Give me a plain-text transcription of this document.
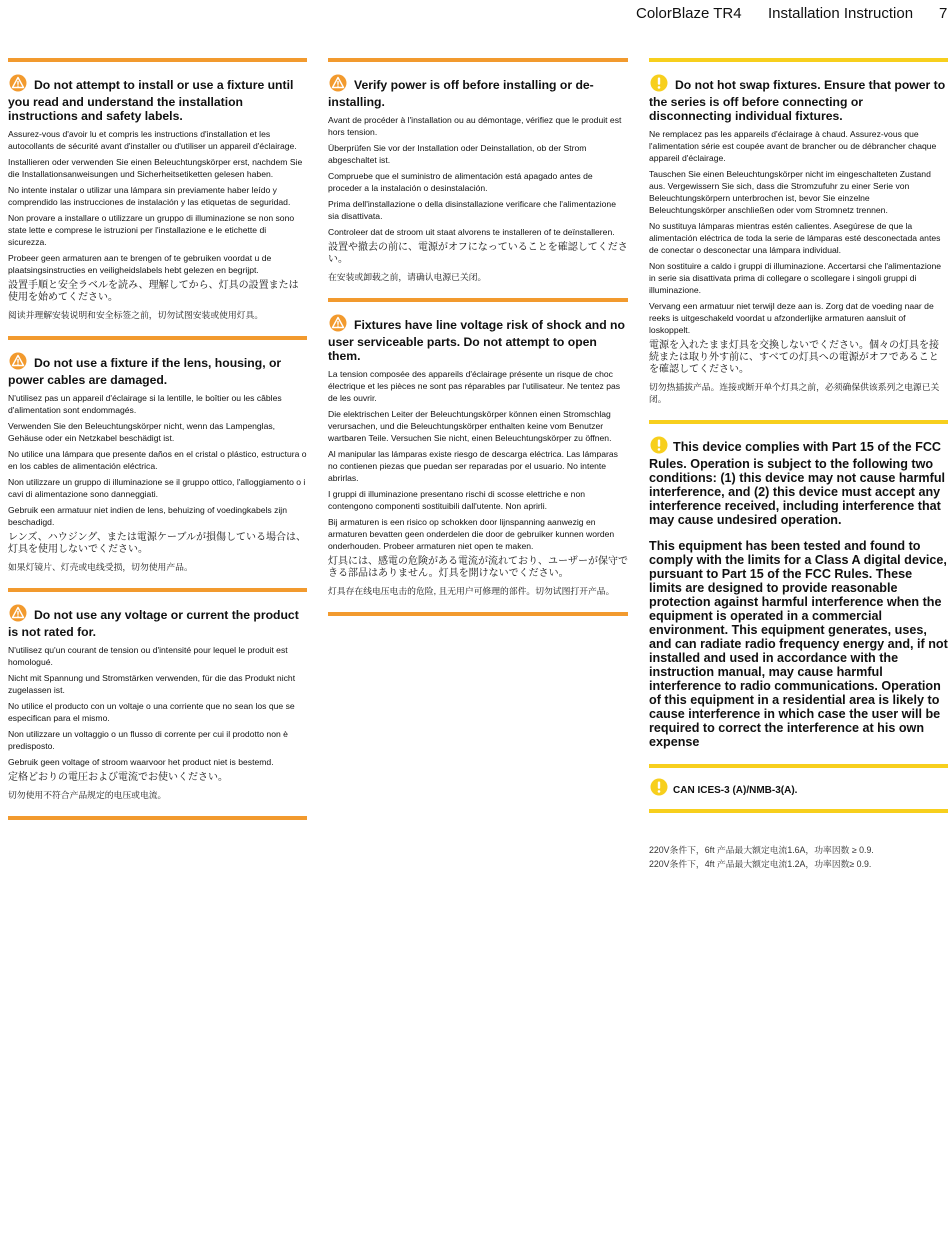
ColorBlaze TR4 Installation Instruction 7

Do not attempt to install or use a fixture until you read and understand the installation instructions and safety labels.

Assurez-vous d'avoir lu et compris les instructions d'installation et les autocollants de sécurité avant d'installer ou d'utiliser un appareil d'éclairage.

Installieren oder verwenden Sie einen Beleuchtungskörper erst, nachdem Sie die Installationsanweisungen und Sicherheitsetiketten gelesen haben.

No intente instalar o utilizar una lámpara sin previamente haber leído y comprendido las instrucciones de instalación y las etiquetas de seguridad.

Non provare a installare o utilizzare un gruppo di illuminazione se non sono state lette e comprese le istruzioni per l'installazione e le etichette di sicurezza.

Probeer geen armaturen aan te brengen of te gebruiken voordat u de plaatsingsinstructies en veiligheidslabels hebt gelezen en begrijpt.

設置手順と安全ラベルを読み、理解してから、灯具の設置または使用を始めてください。

阅读并理解安装说明和安全标签之前，切勿试图安装或使用灯具。

Do not use a fixture if the lens, housing, or power cables are damaged.

N'utilisez pas un appareil d'éclairage si la lentille, le boîtier ou les câbles d'alimentation sont endommagés.

Verwenden Sie den Beleuchtungskörper nicht, wenn das Lampenglas, Gehäuse oder ein Netzkabel beschädigt ist.

No utilice una lámpara que presente daños en el cristal o plástico, estructura o en los cables de alimentación eléctrica.

Non utilizzare un gruppo di illuminazione se il gruppo ottico, l'alloggiamento o i cavi di alimentazione sono danneggiati.

Gebruik een armatuur niet indien de lens, behuizing of voedingkabels zijn beschadigd.

レンズ、ハウジング、または電源ケーブルが損傷している場合は、灯具を使用しないでください。

如果灯镜片、灯壳或电线受损，切勿使用产品。

Do not use any voltage or current the product is not rated for.

N'utilisez qu'un courant de tension ou d'intensité pour lequel le produit est homologué.

Nicht mit Spannung und Stromstärken verwenden, für die das Produkt nicht zugelassen ist.

No utilice el producto con un voltaje o una corriente que no sean los que se especifican para el mismo.

Non utilizzare un voltaggio o un flusso di corrente per cui il prodotto non è predisposto.

Gebruik geen voltage of stroom waarvoor het product niet is bestemd.

定格どおりの電圧および電流でお使いください。

切勿使用不符合产品规定的电压或电流。

Verify power is off before installing or de-installing.

Avant de procéder à l'installation ou au démontage, vérifiez que le produit est hors tension.

Überprüfen Sie vor der Installation oder Deinstallation, ob der Strom abgeschaltet ist.

Compruebe que el suministro de alimentación está apagado antes de proceder a la instalación o desinstalación.

Prima dell'installazione o della disinstallazione verificare che l'alimentazione sia disattivata.

Controleer dat de stroom uit staat alvorens te installeren of te deïnstalleren.

設置や撤去の前に、電源がオフになっていることを確認してください。

在安装或卸载之前，请确认电源已关闭。

Fixtures have line voltage risk of shock and no user serviceable parts. Do not attempt to open them.

La tension composée des appareils d'éclairage présente un risque de choc électrique et les pièces ne sont pas réparables par l'utilisateur. Ne tentez pas de les ouvrir.

Die elektrischen Leiter der Beleuchtungskörper können einen Stromschlag verursachen, und die Beleuchtungskörper enthalten keine vom Benutzer wartbaren Teile. Versuchen Sie nicht, einen Beleuchtungskörper zu öffnen.

Al manipular las lámparas existe riesgo de descarga eléctrica. Las lámparas no contienen piezas que puedan ser reparadas por el usuario. No intente abrirlas.

I gruppi di illuminazione presentano rischi di scosse elettriche e non contengono componenti sostituibili dall'utente. Non aprirli.

Bij armaturen is een risico op schokken door lijnspanning aanwezig en armaturen bevatten geen onderdelen die door de gebruiker kunnen worden onderhouden. Probeer armaturen niet open te maken.

灯具には、感電の危険がある電流が流れており、ユーザーが保守できる部品はありません。灯具を開けないでください。

灯具存在线电压电击的危险, 且无用户可修理的部件。切勿试图打开产品。

Do not hot swap fixtures. Ensure that power to the series is off before connecting or disconnecting individual fixtures.

Ne remplacez pas les appareils d'éclairage à chaud. Assurez-vous que l'alimentation série est coupée avant de brancher ou de débrancher chaque appareil d'éclairage.

Tauschen Sie einen Beleuchtungskörper nicht im eingeschalteten Zustand aus. Vergewissern Sie sich, dass die Stromzufuhr zu einer Serie von Beleuchtungskörpern unterbrochen ist, bevor Sie einzelne Beleuchtungskörper anschließen oder vom Stromnetz trennen.

No sustituya lámparas mientras estén calientes. Asegúrese de que la alimentación eléctrica de toda la serie de lámparas esté desconectada antes de conectar o desconectar una lámpara individual.

Non sostituire a caldo i gruppi di illuminazione. Accertarsi che l'alimentazione in serie sia disattivata prima di collegare o scollegare i singoli gruppi di illuminazione.

Vervang een armatuur niet terwijl deze aan is. Zorg dat de voeding naar de reeks is uitgeschakeld voordat u afzonderlijke armaturen aansluit of loskoppelt.

電源を入れたまま灯具を交換しないでください。個々の灯具を接続または取り外す前に、すべての灯具への電源がオフであることを確認してください。

切勿热插拔产品。连接或断开单个灯具之前，必须确保供该系列之电源已关闭。

This device complies with Part 15 of the FCC Rules. Operation is subject to the following two conditions: (1) this device may not cause harmful interference, and (2) this device must accept any interference received, including interference that may cause undesired operation.

This equipment has been tested and found to comply with the limits for a Class A digital device, pursuant to Part 15 of the FCC Rules. These limits are designed to provide reasonable protection against harmful interference when the equipment is operated in a commercial environment. This equipment generates, uses, and can radiate radio frequency energy and, if not installed and used in accordance with the instruction manual, may cause harmful interference to radio communications. Operation of this equipment in a residential area is likely to cause interference in which case the user will be required to correct the interference at his own expense

CAN ICES-3 (A)/NMB-3(A).

220V条件下，6ft 产品最大额定电流1.6A，功率因数 ≥ 0.9.

220V条件下，4ft 产品最大额定电流1.2A，功率因数≥ 0.9.
